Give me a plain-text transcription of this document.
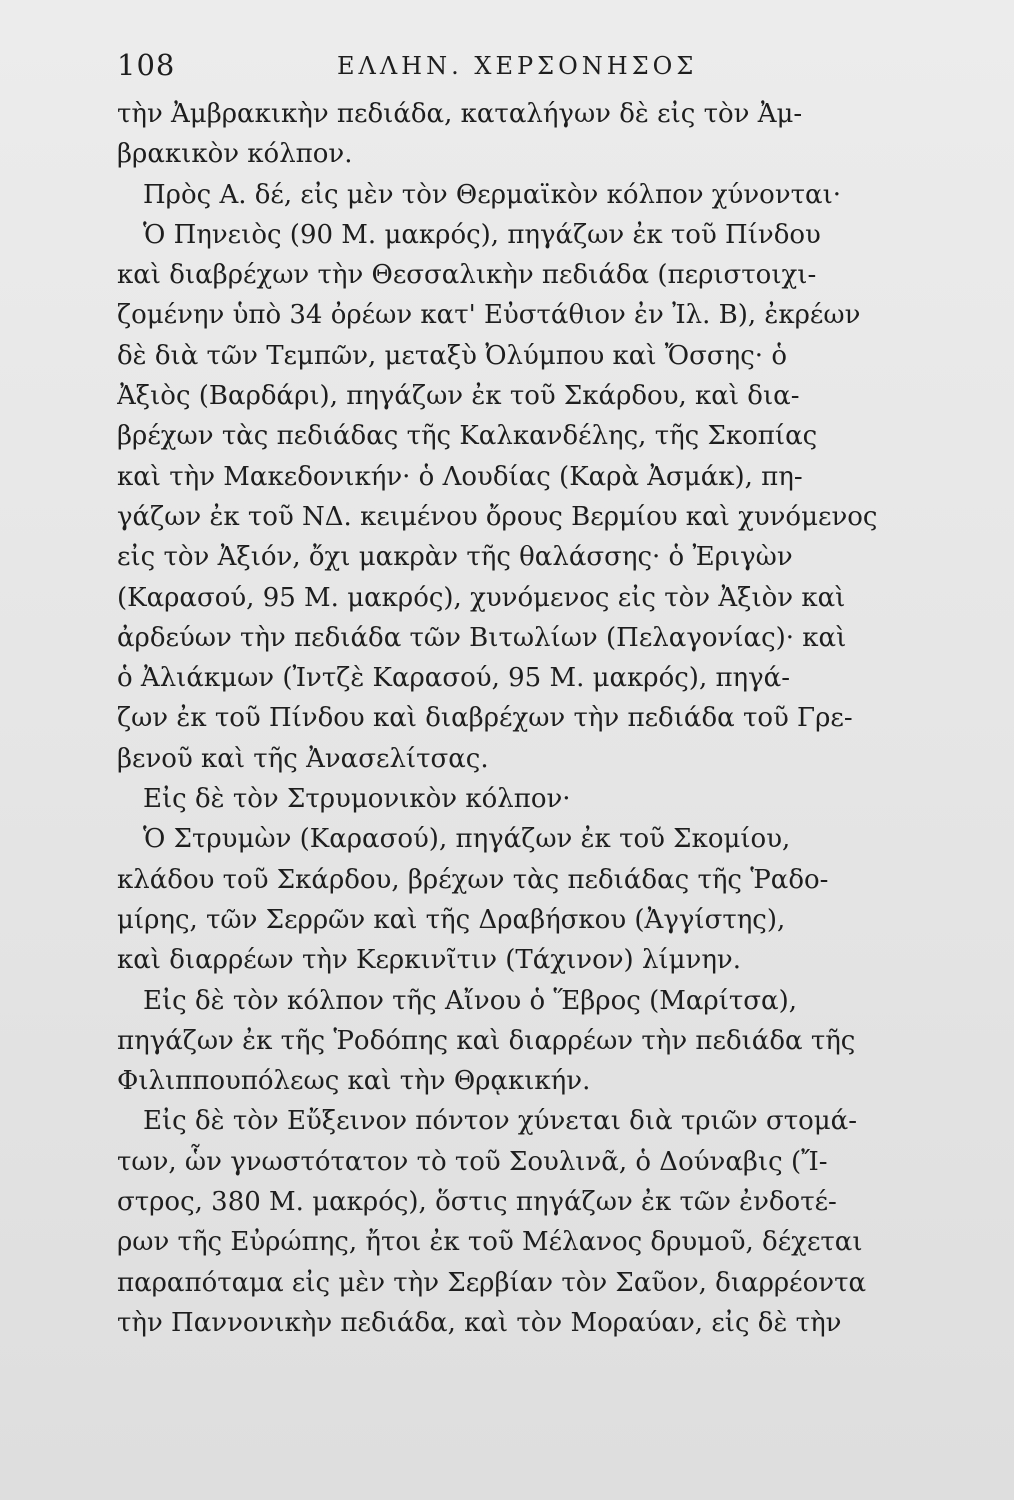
108	ΕΛΛΗΝ. ΧΕΡΣΟΝΗΣΟΣ
τὴν Ἀμβρακικὴν πεδιάδα, καταλήγων δὲ εἰς τὸν Ἀμ-
βρακικὸν κόλπον.
Πρὸς Α. δέ, εἰς μὲν τὸν Θερμαϊκὸν κόλπον χύνονται·
Ὁ Πηνειὸς (90 Μ. μακρός), πηγάζων ἐκ τοῦ Πίνδου
καὶ διαβρέχων τὴν Θεσσαλικὴν πεδιάδα (περιστοιχι-
ζομένην ὑπὸ 34 ὀρέων κατ' Εὐστάθιον ἐν Ἰλ. Β), ἐκρέων
δὲ διὰ τῶν Τεμπῶν, μεταξὺ Ὀλύμπου καὶ Ὄσσης· ὁ
Ἀξιὸς (Βαρδάρι), πηγάζων ἐκ τοῦ Σκάρδου, καὶ δια-
βρέχων τὰς πεδιάδας τῆς Καλκανδέλης, τῆς Σκοπίας
καὶ τὴν Μακεδονικήν· ὁ Λουδίας (Καρὰ Ἀσμάκ), πη-
γάζων ἐκ τοῦ ΝΔ. κειμένου ὄρους Βερμίου καὶ χυνόμενος
εἰς τὸν Ἀξιόν, ὄχι μακρὰν τῆς θαλάσσης· ὁ Ἐριγὼν
(Καρασού, 95 Μ. μακρός), χυνόμενος εἰς τὸν Ἀξιὸν καὶ
ἀρδεύων τὴν πεδιάδα τῶν Βιτωλίων (Πελαγονίας)· καὶ
ὁ Ἀλιάκμων (Ἰντζὲ Καρασού, 95 Μ. μακρός), πηγά-
ζων ἐκ τοῦ Πίνδου καὶ διαβρέχων τὴν πεδιάδα τοῦ Γρε-
βενοῦ καὶ τῆς Ἀνασελίτσας.
Εἰς δὲ τὸν Στρυμονικὸν κόλπον·
Ὁ Στρυμὼν (Καρασού), πηγάζων ἐκ τοῦ Σκομίου,
κλάδου τοῦ Σκάρδου, βρέχων τὰς πεδιάδας τῆς Ῥαδο-
μίρης, τῶν Σερρῶν καὶ τῆς Δραβήσκου (Ἀγγίστης),
καὶ διαρρέων τὴν Κερκινῖτιν (Τάχινον) λίμνην.
Εἰς δὲ τὸν κόλπον τῆς Αἴνου ὁ Ἕβρος (Μαρίτσα),
πηγάζων ἐκ τῆς Ῥοδόπης καὶ διαρρέων τὴν πεδιάδα τῆς
Φιλιππουπόλεως καὶ τὴν Θρᾳκικήν.
Εἰς δὲ τὸν Εὔξεινον πόντον χύνεται διὰ τριῶν στομά-
των, ὧν γνωστότατον τὸ τοῦ Σουλινᾶ, ὁ Δούναβις (Ἴ-
στρος, 380 Μ. μακρός), ὅστις πηγάζων ἐκ τῶν ἐνδοτέ-
ρων τῆς Εὐρώπης, ἤτοι ἐκ τοῦ Μέλανος δρυμοῦ, δέχεται
παραπόταμα εἰς μὲν τὴν Σερβίαν τὸν Σαῦον, διαρρέοντα
τὴν Παννονικὴν πεδιάδα, καὶ τὸν Μοραύαν, εἰς δὲ τὴν
